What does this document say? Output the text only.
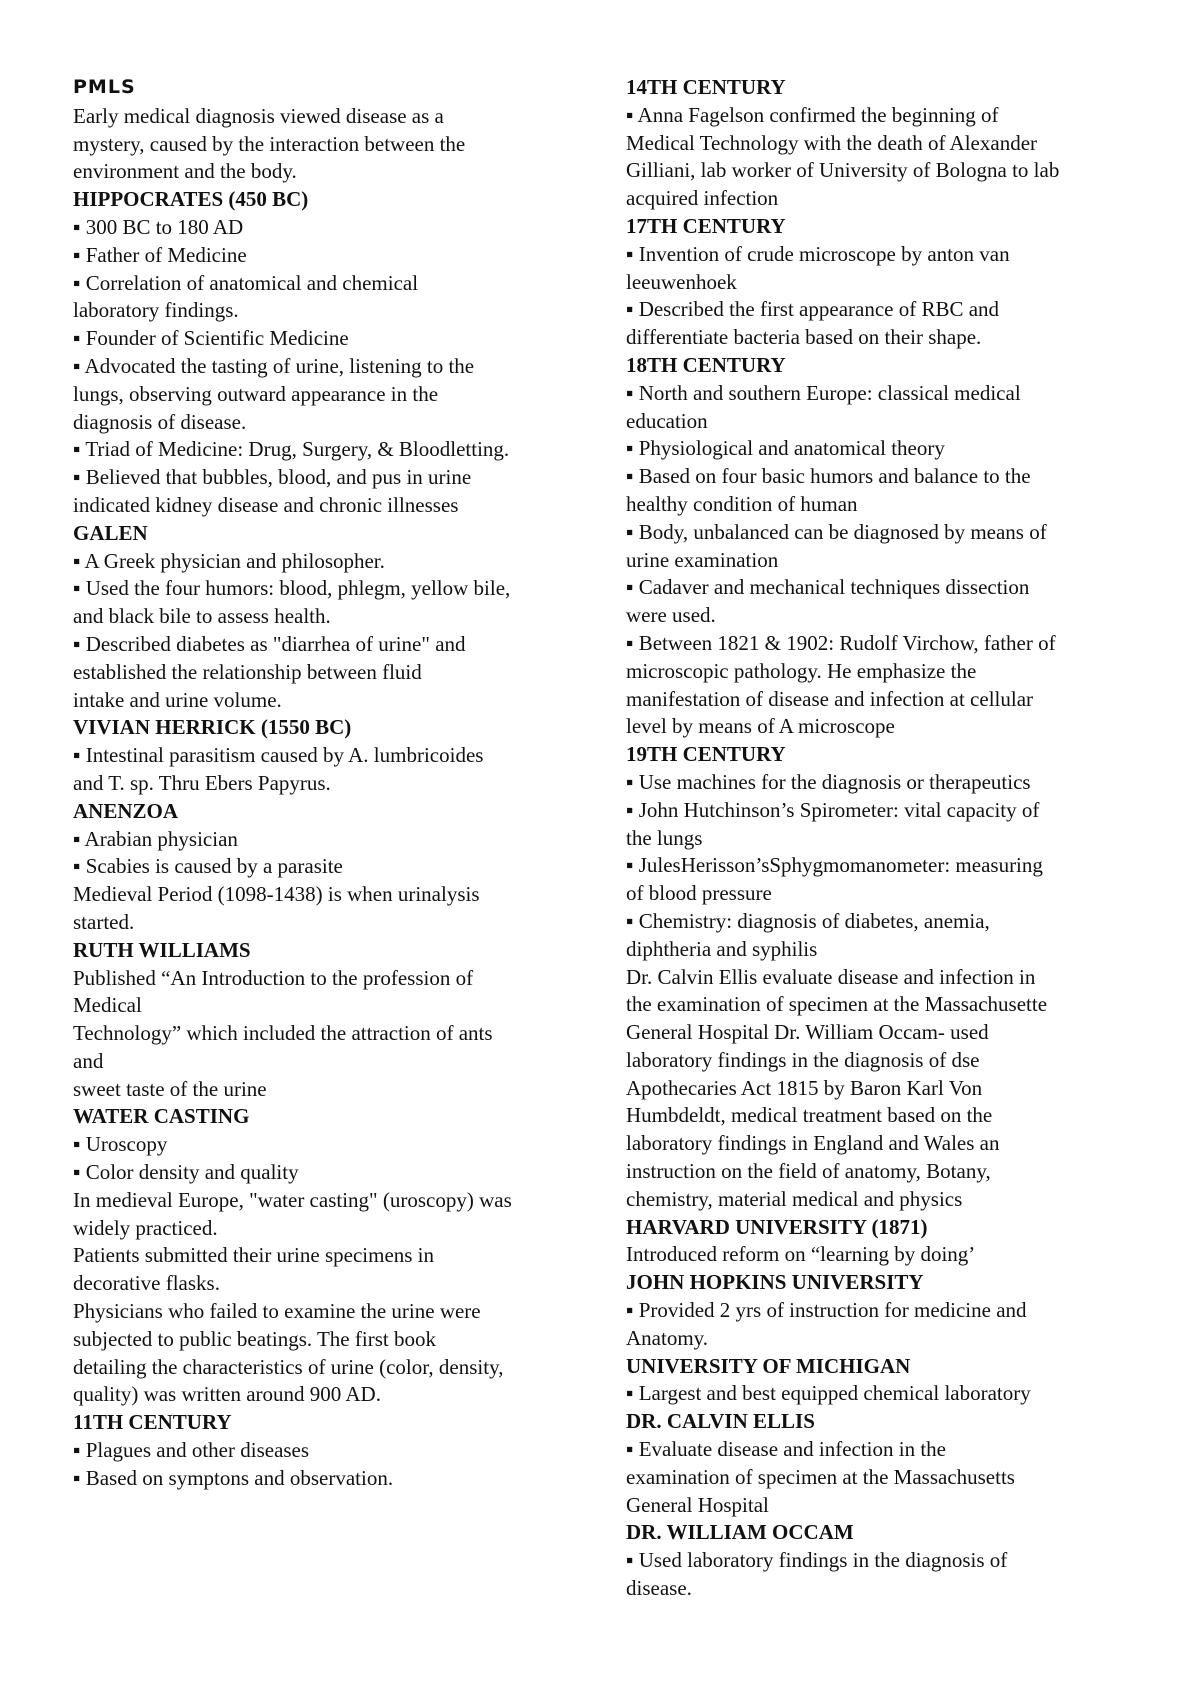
PMLS
Early medical diagnosis viewed disease as a
mystery, caused by the interaction between the
environment and the body.
HIPPOCRATES (450 BC)
▪ 300 BC to 180 AD
▪ Father of Medicine
▪ Correlation of anatomical and chemical
laboratory findings.
▪ Founder of Scientific Medicine
▪ Advocated the tasting of urine, listening to the
lungs, observing outward appearance in the
diagnosis of disease.
▪ Triad of Medicine: Drug, Surgery, & Bloodletting.
▪ Believed that bubbles, blood, and pus in urine
indicated kidney disease and chronic illnesses
GALEN
▪ A Greek physician and philosopher.
▪ Used the four humors: blood, phlegm, yellow bile,
and black bile to assess health.
▪ Described diabetes as "diarrhea of urine" and
established the relationship between fluid
intake and urine volume.
VIVIAN HERRICK (1550 BC)
▪ Intestinal parasitism caused by A. lumbricoides
and T. sp. Thru Ebers Papyrus.
ANENZOA
▪ Arabian physician
▪ Scabies is caused by a parasite
Medieval Period (1098-1438) is when urinalysis
started.
RUTH WILLIAMS
Published “An Introduction to the profession of
Medical
Technology” which included the attraction of ants
and
sweet taste of the urine
WATER CASTING
▪ Uroscopy
▪ Color density and quality
In medieval Europe, "water casting" (uroscopy) was
widely practiced.
Patients submitted their urine specimens in
decorative flasks.
Physicians who failed to examine the urine were
subjected to public beatings. The first book
detailing the characteristics of urine (color, density,
quality) was written around 900 AD.
11TH CENTURY
▪ Plagues and other diseases
▪ Based on symptons and observation.
14TH CENTURY
▪ Anna Fagelson confirmed the beginning of
Medical Technology with the death of Alexander
Gilliani, lab worker of University of Bologna to lab
acquired infection
17TH CENTURY
▪ Invention of crude microscope by anton van
leeuwenhoek
▪ Described the first appearance of RBC and
differentiate bacteria based on their shape.
18TH CENTURY
▪ North and southern Europe: classical medical
education
▪ Physiological and anatomical theory
▪ Based on four basic humors and balance to the
healthy condition of human
▪ Body, unbalanced can be diagnosed by means of
urine examination
▪ Cadaver and mechanical techniques dissection
were used.
▪ Between 1821 & 1902: Rudolf Virchow, father of
microscopic pathology. He emphasize the
manifestation of disease and infection at cellular
level by means of A microscope
19TH CENTURY
▪ Use machines for the diagnosis or therapeutics
▪ John Hutchinson’s Spirometer: vital capacity of
the lungs
▪ JulesHerisson’sSphygmomanometer: measuring
of blood pressure
▪ Chemistry: diagnosis of diabetes, anemia,
diphtheria and syphilis
Dr. Calvin Ellis evaluate disease and infection in
the examination of specimen at the Massachusette
General Hospital Dr. William Occam- used
laboratory findings in the diagnosis of dse
Apothecaries Act 1815 by Baron Karl Von
Humbdeldt, medical treatment based on the
laboratory findings in England and Wales an
instruction on the field of anatomy, Botany,
chemistry, material medical and physics
HARVARD UNIVERSITY (1871)
Introduced reform on “learning by doing’
JOHN HOPKINS UNIVERSITY
▪ Provided 2 yrs of instruction for medicine and
Anatomy.
UNIVERSITY OF MICHIGAN
▪ Largest and best equipped chemical laboratory
DR. CALVIN ELLIS
▪ Evaluate disease and infection in the
examination of specimen at the Massachusetts
General Hospital
DR. WILLIAM OCCAM
▪ Used laboratory findings in the diagnosis of
disease.
